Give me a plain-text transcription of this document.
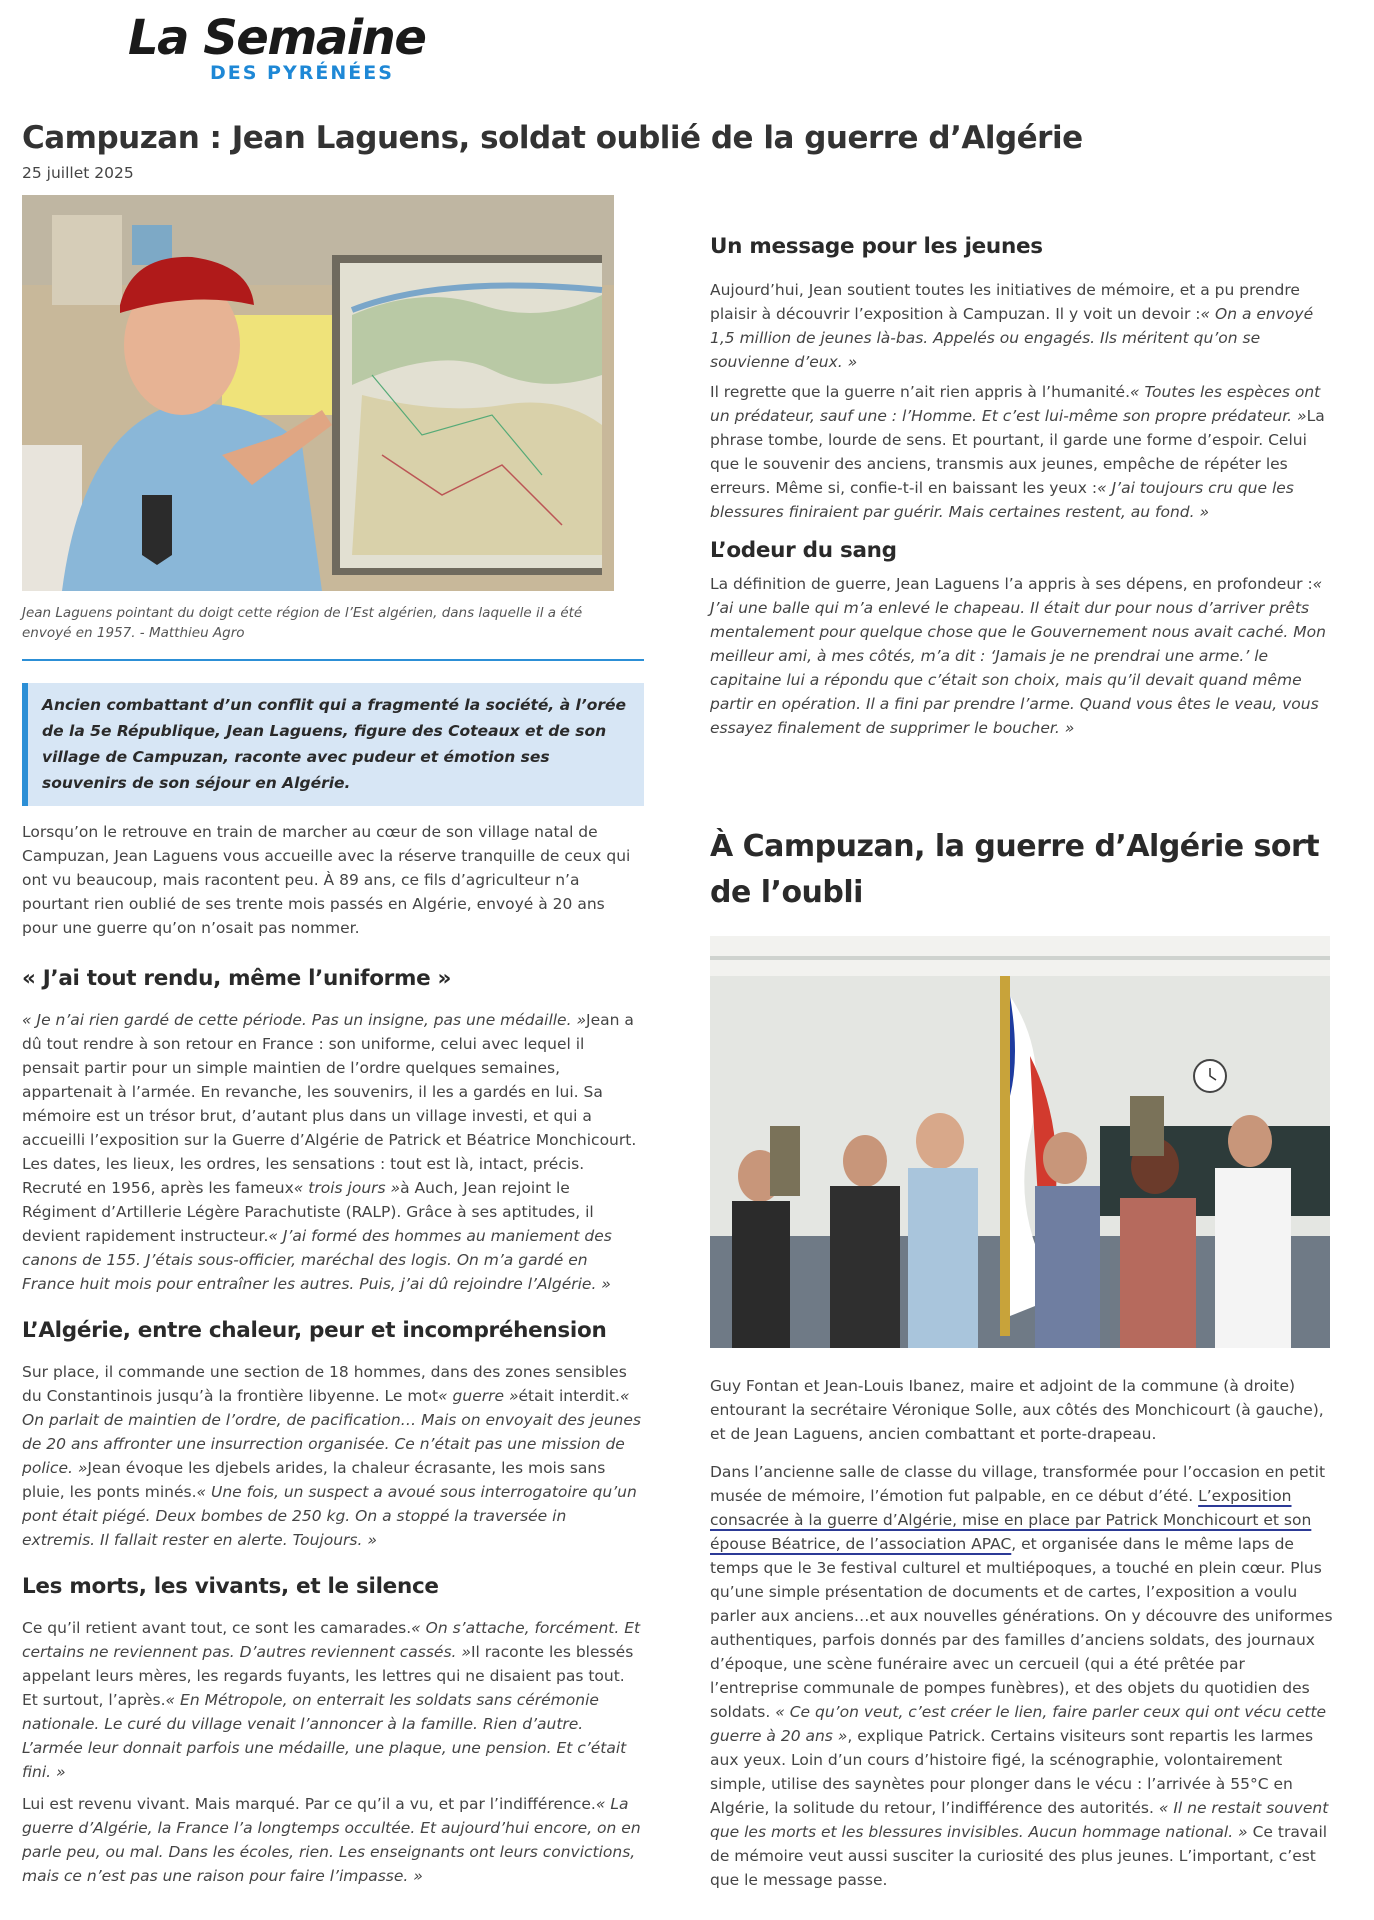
La Semaine
DES PYRÉNÉES
Campuzan : Jean Laguens, soldat oublié de la guerre d’Algérie
25 juillet 2025
Jean Laguens pointant du doigt cette région de l’Est algérien, dans laquelle il a été envoyé en 1957. - Matthieu Agro

Ancien combattant d’un conflit qui a fragmenté la société, à l’orée de la 5e République, Jean Laguens, figure des Coteaux et de son village de Campuzan, raconte avec pudeur et émotion ses souvenirs de son séjour en Algérie.

Lorsqu’on le retrouve en train de marcher au cœur de son village natal de Campuzan, Jean Laguens vous accueille avec la réserve tranquille de ceux qui ont vu beaucoup, mais racontent peu. À 89 ans, ce fils d’agriculteur n’a pourtant rien oublié de ses trente mois passés en Algérie, envoyé à 20 ans pour une guerre qu’on n’osait pas nommer.

« J’ai tout rendu, même l’uniforme »

« Je n’ai rien gardé de cette période. Pas un insigne, pas une médaille. »Jean a dû tout rendre à son retour en France : son uniforme, celui avec lequel il pensait partir pour un simple maintien de l’ordre quelques semaines, appartenait à l’armée. En revanche, les souvenirs, il les a gardés en lui. Sa mémoire est un trésor brut, d’autant plus dans un village investi, et qui a accueilli l’exposition sur la Guerre d’Algérie de Patrick et Béatrice Monchicourt. Les dates, les lieux, les ordres, les sensations : tout est là, intact, précis. Recruté en 1956, après les fameux« trois jours »à Auch, Jean rejoint le Régiment d’Artillerie Légère Parachutiste (RALP). Grâce à ses aptitudes, il devient rapidement instructeur.« J’ai formé des hommes au maniement des canons de 155. J’étais sous-officier, maréchal des logis. On m’a gardé en France huit mois pour entraîner les autres. Puis, j’ai dû rejoindre l’Algérie. »

L’Algérie, entre chaleur, peur et incompréhension

Sur place, il commande une section de 18 hommes, dans des zones sensibles du Constantinois jusqu’à la frontière libyenne. Le mot« guerre »était interdit.« On parlait de maintien de l’ordre, de pacification… Mais on envoyait des jeunes de 20 ans affronter une insurrection organisée. Ce n’était pas une mission de police. »Jean évoque les djebels arides, la chaleur écrasante, les mois sans pluie, les ponts minés.« Une fois, un suspect a avoué sous interrogatoire qu’un pont était piégé. Deux bombes de 250 kg. On a stoppé la traversée in extremis. Il fallait rester en alerte. Toujours. »

Les morts, les vivants, et le silence

Ce qu’il retient avant tout, ce sont les camarades.« On s’attache, forcément. Et certains ne reviennent pas. D’autres reviennent cassés. »Il raconte les blessés appelant leurs mères, les regards fuyants, les lettres qui ne disaient pas tout. Et surtout, l’après.« En Métropole, on enterrait les soldats sans cérémonie nationale. Le curé du village venait l’annoncer à la famille. Rien d’autre. L’armée leur donnait parfois une médaille, une plaque, une pension. Et c’était fini. »

Lui est revenu vivant. Mais marqué. Par ce qu’il a vu, et par l’indifférence.« La guerre d’Algérie, la France l’a longtemps occultée. Et aujourd’hui encore, on en parle peu, ou mal. Dans les écoles, rien. Les enseignants ont leurs convictions, mais ce n’est pas une raison pour faire l’impasse. »

Un message pour les jeunes

Aujourd’hui, Jean soutient toutes les initiatives de mémoire, et a pu prendre plaisir à découvrir l’exposition à Campuzan. Il y voit un devoir :« On a envoyé 1,5 million de jeunes là-bas. Appelés ou engagés. Ils méritent qu’on se souvienne d’eux. »

Il regrette que la guerre n’ait rien appris à l’humanité.« Toutes les espèces ont un prédateur, sauf une : l’Homme. Et c’est lui-même son propre prédateur. »La phrase tombe, lourde de sens. Et pourtant, il garde une forme d’espoir. Celui que le souvenir des anciens, transmis aux jeunes, empêche de répéter les erreurs. Même si, confie-t-il en baissant les yeux :« J’ai toujours cru que les blessures finiraient par guérir. Mais certaines restent, au fond. »

L’odeur du sang

La définition de guerre, Jean Laguens l’a appris à ses dépens, en profondeur :« J’ai une balle qui m’a enlevé le chapeau. Il était dur pour nous d’arriver prêts mentalement pour quelque chose que le Gouvernement nous avait caché. Mon meilleur ami, à mes côtés, m’a dit : ‘Jamais je ne prendrai une arme.’ le capitaine lui a répondu que c’était son choix, mais qu’il devait quand même partir en opération. Il a fini par prendre l’arme. Quand vous êtes le veau, vous essayez finalement de supprimer le boucher. »

À Campuzan, la guerre d’Algérie sort de l’oubli

Guy Fontan et Jean-Louis Ibanez, maire et adjoint de la commune (à droite) entourant la secrétaire Véronique Solle, aux côtés des Monchicourt (à gauche), et de Jean Laguens, ancien combattant et porte-drapeau.

Dans l’ancienne salle de classe du village, transformée pour l’occasion en petit musée de mémoire, l’émotion fut palpable, en ce début d’été. L’exposition consacrée à la guerre d’Algérie, mise en place par Patrick Monchicourt et son épouse Béatrice, de l’association APAC, et organisée dans le même laps de temps que le 3e festival culturel et multiépoques, a touché en plein cœur. Plus qu’une simple présentation de documents et de cartes, l’exposition a voulu parler aux anciens…et aux nouvelles générations. On y découvre des uniformes authentiques, parfois donnés par des familles d’anciens soldats, des journaux d’époque, une scène funéraire avec un cercueil (qui a été prêtée par l’entreprise communale de pompes funèbres), et des objets du quotidien des soldats. « Ce qu’on veut, c’est créer le lien, faire parler ceux qui ont vécu cette guerre à 20 ans », explique Patrick. Certains visiteurs sont repartis les larmes aux yeux. Loin d’un cours d’histoire figé, la scénographie, volontairement simple, utilise des saynètes pour plonger dans le vécu : l’arrivée à 55°C en Algérie, la solitude du retour, l’indifférence des autorités. « Il ne restait souvent que les morts et les blessures invisibles. Aucun hommage national. » Ce travail de mémoire veut aussi susciter la curiosité des plus jeunes. L’important, c’est que le message passe.
